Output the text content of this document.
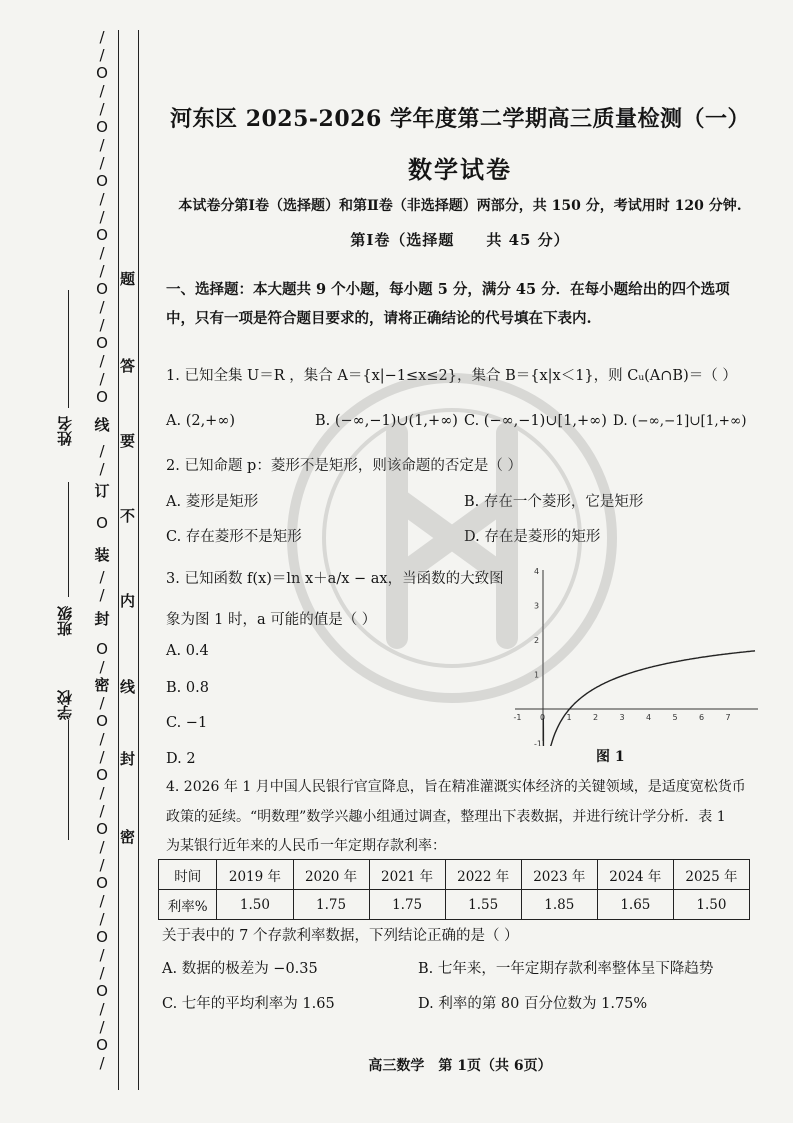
/
/
O
/
/
O
/
/
O
/
/
O
/
/
O
/
/
O
/
/
O
/
/
O
/
/
O
/
/
O
/
/
O
/
/
O
/
/
O
/
/
O
/
/
O
/
/
O
/
密
封
装
订
线
题
答
要
不
内
线
封
密
姓名
班级
学校
河东区 2025-2026 学年度第二学期高三质量检测（一）
数学试卷
本试卷分第Ⅰ卷（选择题）和第Ⅱ卷（非选择题）两部分，共 150 分，考试用时 120 分钟.
第Ⅰ卷（选择题　　共 45 分）
一、选择题：本大题共 9 个小题，每小题 5 分，满分 45 分．在每小题给出的四个选项
中，只有一项是符合题目要求的，请将正确结论的代号填在下表内.
1. 已知全集 U＝R ，集合 A＝{x|−1≤x≤2}，集合 B＝{x|x＜1}，则 Cᵤ(A∩B)＝（ ）
A. (2,+∞)	B. (−∞,−1)∪(1,+∞) C. (−∞,−1)∪[1,+∞) D. (−∞,−1]∪[1,+∞)
2. 已知命题 p：菱形不是矩形，则该命题的否定是（ ）
A. 菱形是矩形	B. 存在一个菱形，它是矩形
C. 存在菱形不是矩形	D. 存在是菱形的矩形
3. 已知函数 f(x)＝ln x＋a/x − ax，当函数的大致图
象为图 1 时，a 可能的值是（ ）
A. 0.4
B. 0.8
C. −1
D. 2
-1 0	1	2	3	4	5	6	7
4
3
2
1
-1
图 1
4. 2026 年 1 月中国人民银行官宣降息，旨在精准灌溉实体经济的关键领域，是适度宽松货币
政策的延续。“明数理”数学兴趣小组通过调查，整理出下表数据，并进行统计学分析．表 1
为某银行近年来的人民币一年定期存款利率：
时间	2019 年	2020 年	2021 年	2022 年	2023 年	2024 年	2025 年
利率%	1.50	1.75	1.75	1.55	1.85	1.65	1.50
关于表中的 7 个存款利率数据，下列结论正确的是（ ）
A. 数据的极差为 −0.35	B. 七年来，一年定期存款利率整体呈下降趋势
C. 七年的平均利率为 1.65	D. 利率的第 80 百分位数为 1.75%
高三数学　第 1页（共 6页）
